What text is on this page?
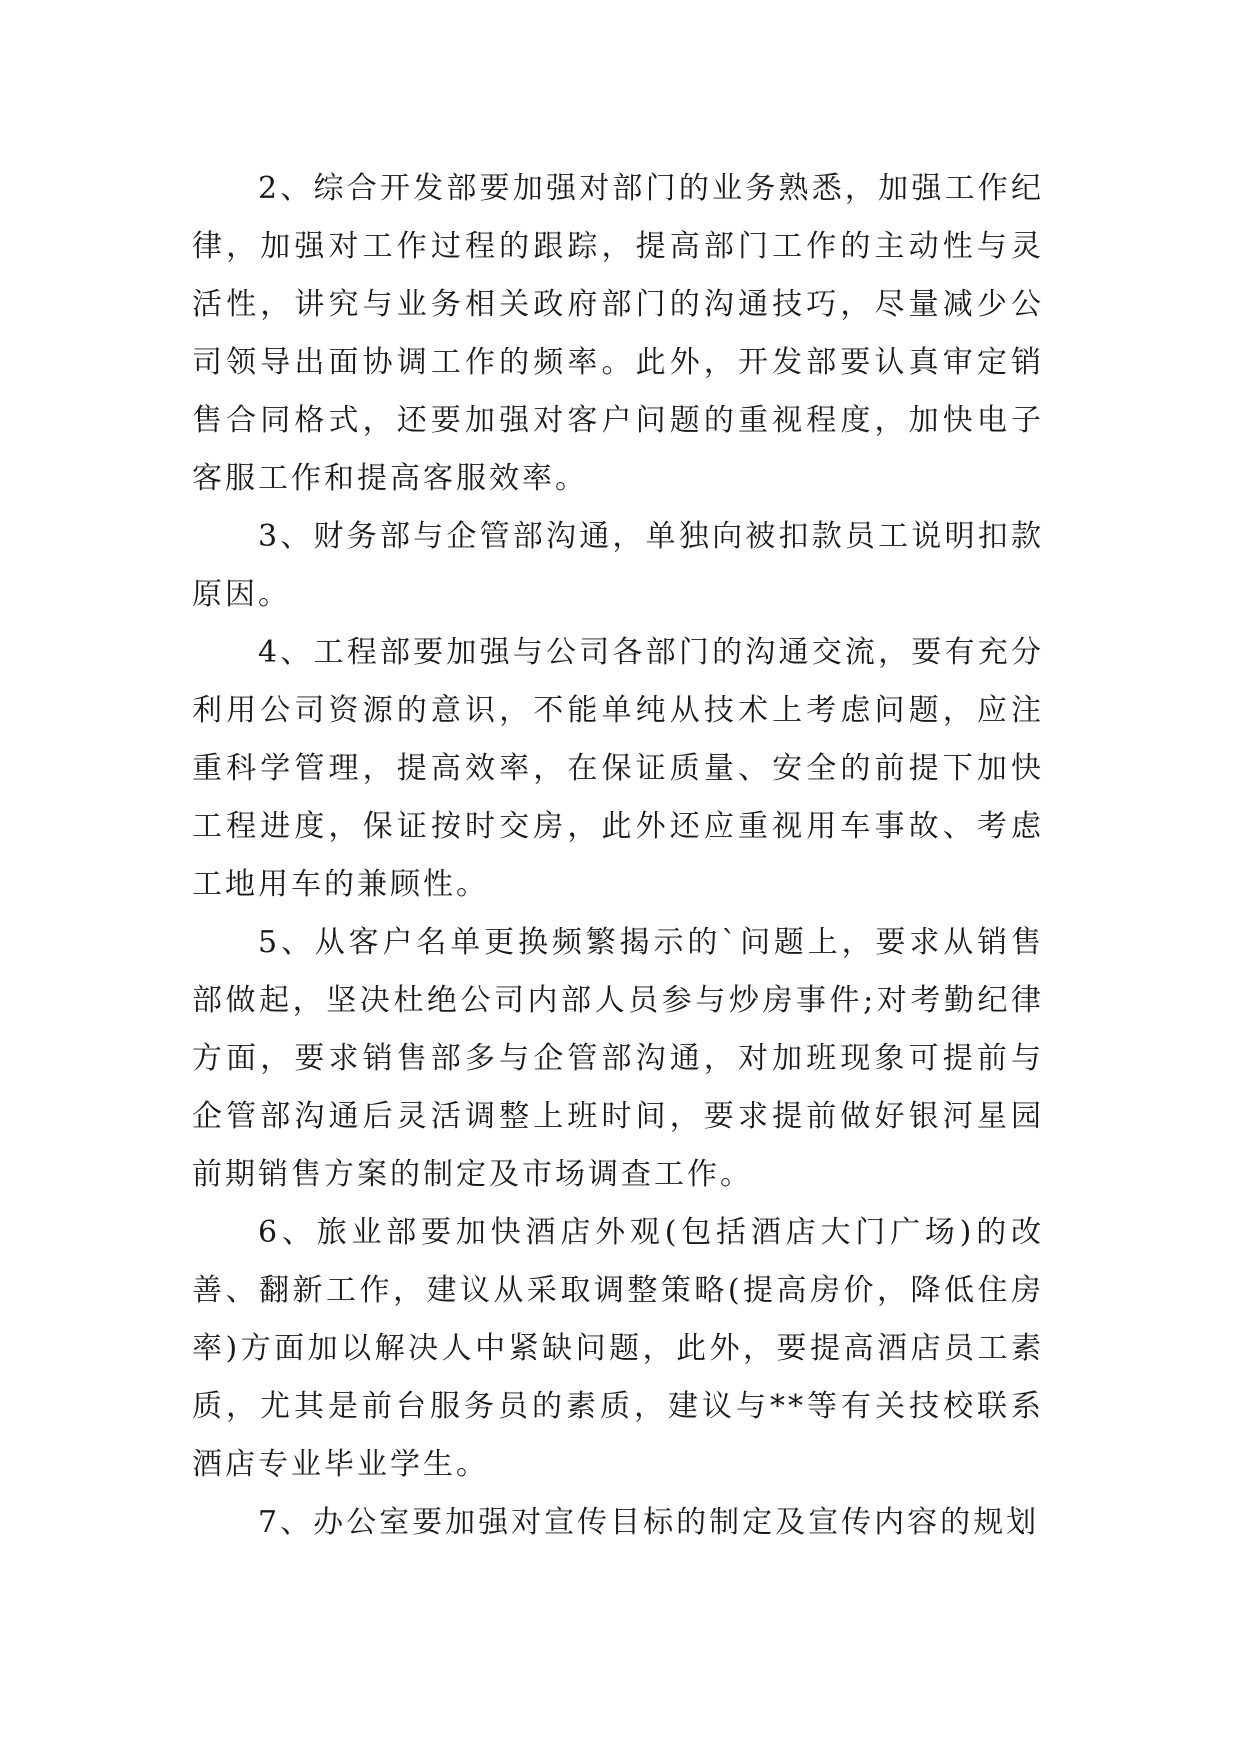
2、综合开发部要加强对部门的业务熟悉，加强工作纪律，加强对工作过程的跟踪，提高部门工作的主动性与灵活性，讲究与业务相关政府部门的沟通技巧，尽量减少公司领导出面协调工作的频率。此外，开发部要认真审定销售合同格式，还要加强对客户问题的重视程度，加快电子客服工作和提高客服效率。

3、财务部与企管部沟通，单独向被扣款员工说明扣款原因。

4、工程部要加强与公司各部门的沟通交流，要有充分利用公司资源的意识，不能单纯从技术上考虑问题，应注重科学管理，提高效率，在保证质量、安全的前提下加快工程进度，保证按时交房，此外还应重视用车事故、考虑工地用车的兼顾性。

5、从客户名单更换频繁揭示的`问题上，要求从销售部做起，坚决杜绝公司内部人员参与炒房事件;对考勤纪律方面，要求销售部多与企管部沟通，对加班现象可提前与企管部沟通后灵活调整上班时间，要求提前做好银河星园前期销售方案的制定及市场调查工作。

6、旅业部要加快酒店外观(包括酒店大门广场)的改善、翻新工作，建议从采取调整策略(提高房价，降低住房率)方面加以解决人中紧缺问题，此外，要提高酒店员工素质，尤其是前台服务员的素质，建议与**等有关技校联系酒店专业毕业学生。

7、办公室要加强对宣传目标的制定及宣传内容的规划
